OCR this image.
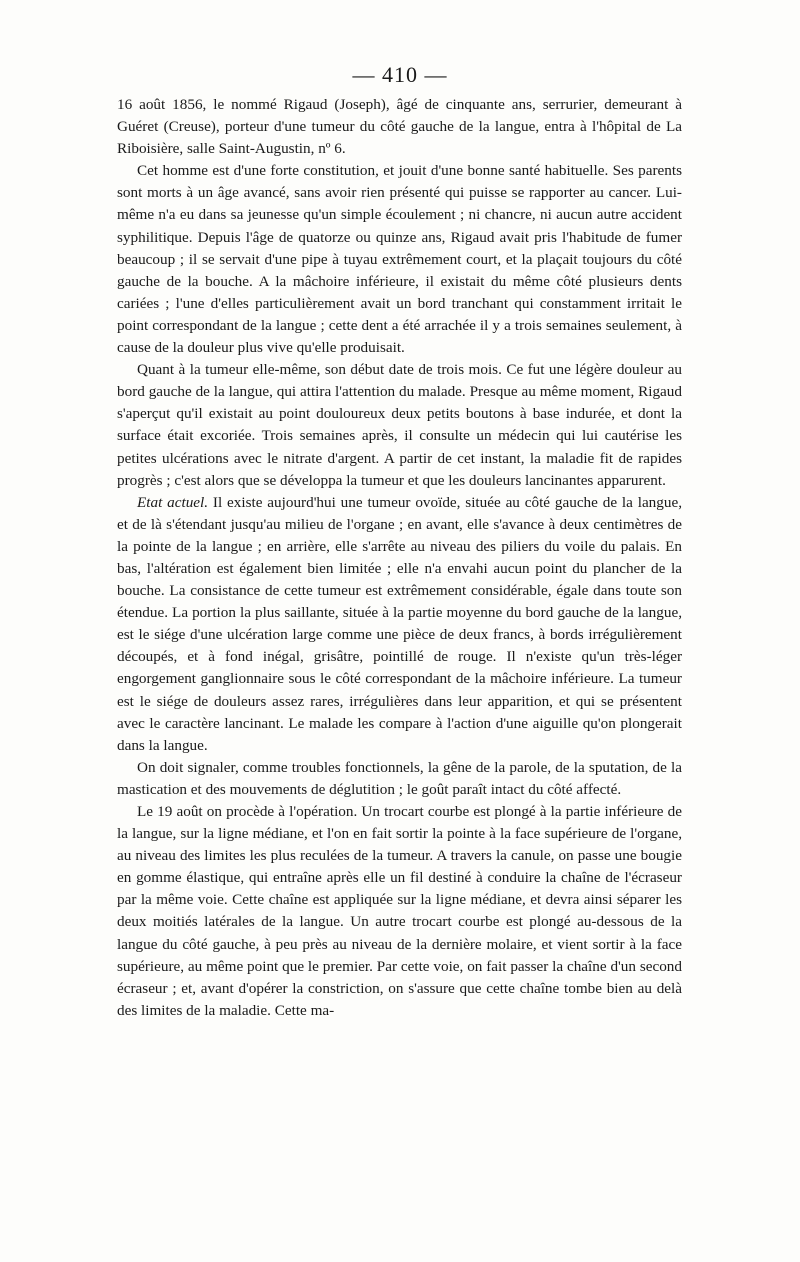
— 410 —

16 août 1856, le nommé Rigaud (Joseph), âgé de cinquante ans, serrurier, demeurant à Guéret (Creuse), porteur d'une tumeur du côté gauche de la langue, entra à l'hôpital de La Riboisière, salle Saint-Augustin, nº 6.

Cet homme est d'une forte constitution, et jouit d'une bonne santé habituelle. Ses parents sont morts à un âge avancé, sans avoir rien présenté qui puisse se rapporter au cancer. Lui-même n'a eu dans sa jeunesse qu'un simple écoulement ; ni chancre, ni aucun autre accident syphilitique. Depuis l'âge de quatorze ou quinze ans, Rigaud avait pris l'habitude de fumer beaucoup ; il se servait d'une pipe à tuyau extrêmement court, et la plaçait toujours du côté gauche de la bouche. A la mâchoire inférieure, il existait du même côté plusieurs dents cariées ; l'une d'elles particulièrement avait un bord tranchant qui constamment irritait le point correspondant de la langue ; cette dent a été arrachée il y a trois semaines seulement, à cause de la douleur plus vive qu'elle produisait.

Quant à la tumeur elle-même, son début date de trois mois. Ce fut une légère douleur au bord gauche de la langue, qui attira l'attention du malade. Presque au même moment, Rigaud s'aperçut qu'il existait au point douloureux deux petits boutons à base indurée, et dont la surface était excoriée. Trois semaines après, il consulte un médecin qui lui cautérise les petites ulcérations avec le nitrate d'argent. A partir de cet instant, la maladie fit de rapides progrès ; c'est alors que se développa la tumeur et que les douleurs lancinantes apparurent.

Etat actuel. Il existe aujourd'hui une tumeur ovoïde, située au côté gauche de la langue, et de là s'étendant jusqu'au milieu de l'organe ; en avant, elle s'avance à deux centimètres de la pointe de la langue ; en arrière, elle s'arrête au niveau des piliers du voile du palais. En bas, l'altération est également bien limitée ; elle n'a envahi aucun point du plancher de la bouche. La consistance de cette tumeur est extrêmement considérable, égale dans toute son étendue. La portion la plus saillante, située à la partie moyenne du bord gauche de la langue, est le siége d'une ulcération large comme une pièce de deux francs, à bords irrégulièrement découpés, et à fond inégal, grisâtre, pointillé de rouge. Il n'existe qu'un très-léger engorgement ganglionnaire sous le côté correspondant de la mâchoire inférieure. La tumeur est le siége de douleurs assez rares, irrégulières dans leur apparition, et qui se présentent avec le caractère lancinant. Le malade les compare à l'action d'une aiguille qu'on plongerait dans la langue.

On doit signaler, comme troubles fonctionnels, la gêne de la parole, de la sputation, de la mastication et des mouvements de déglutition ; le goût paraît intact du côté affecté.

Le 19 août on procède à l'opération. Un trocart courbe est plongé à la partie inférieure de la langue, sur la ligne médiane, et l'on en fait sortir la pointe à la face supérieure de l'organe, au niveau des limites les plus reculées de la tumeur. A travers la canule, on passe une bougie en gomme élastique, qui entraîne après elle un fil destiné à conduire la chaîne de l'écraseur par la même voie. Cette chaîne est appliquée sur la ligne médiane, et devra ainsi séparer les deux moitiés latérales de la langue. Un autre trocart courbe est plongé au-dessous de la langue du côté gauche, à peu près au niveau de la dernière molaire, et vient sortir à la face supérieure, au même point que le premier. Par cette voie, on fait passer la chaîne d'un second écraseur ; et, avant d'opérer la constriction, on s'assure que cette chaîne tombe bien au delà des limites de la maladie. Cette ma-
